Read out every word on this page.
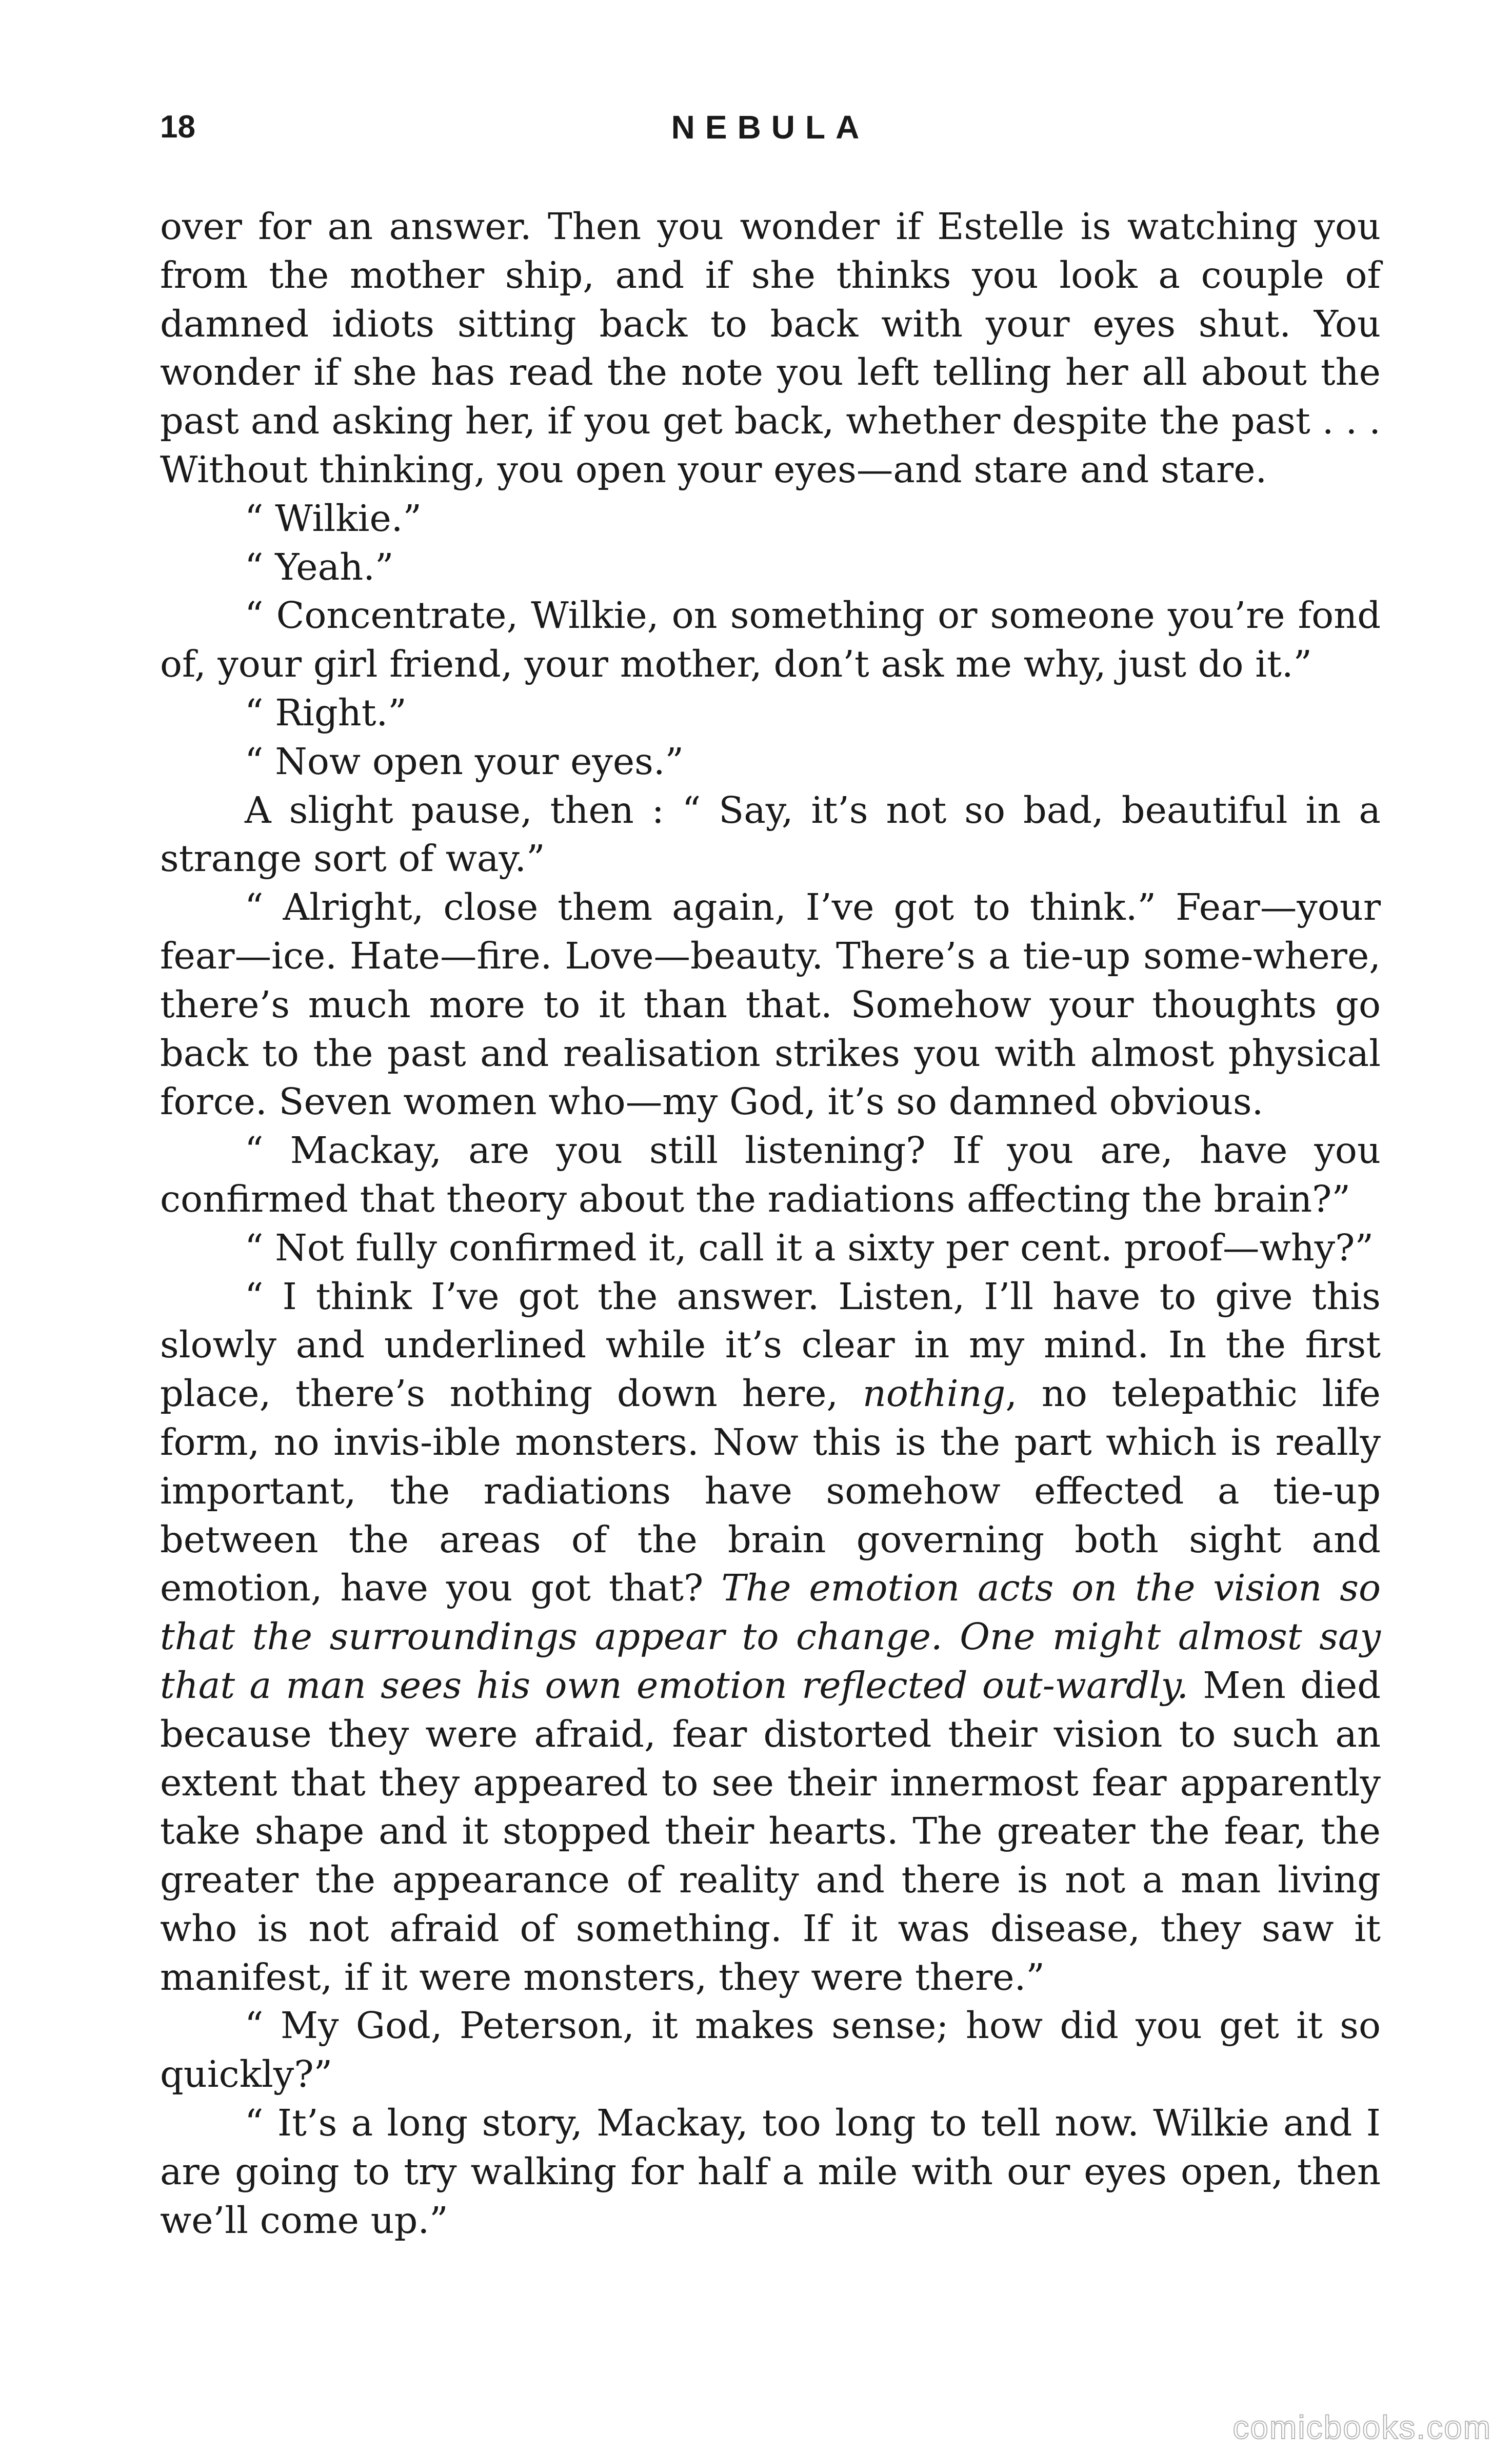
18	NEBULA

over for an answer. Then you wonder if Estelle is watching you from the mother ship, and if she thinks you look a couple of damned idiots sitting back to back with your eyes shut. You wonder if she has read the note you left telling her all about the past and asking her, if you get back, whether despite the past . . . Without thinking, you open your eyes—and stare and stare.

“ Wilkie.”

“ Yeah.”

“ Concentrate, Wilkie, on something or someone you’re fond of, your girl friend, your mother, don’t ask me why, just do it.”

“ Right.”

“ Now open your eyes.”

A slight pause, then : “ Say, it’s not so bad, beautiful in a strange sort of way.”

“ Alright, close them again, I’ve got to think.” Fear—your fear—ice. Hate—fire. Love—beauty. There’s a tie-up some-where, there’s much more to it than that. Somehow your thoughts go back to the past and realisation strikes you with almost physical force. Seven women who—my God, it’s so damned obvious.

“ Mackay, are you still listening? If you are, have you confirmed that theory about the radiations affecting the brain?”

“ Not fully confirmed it, call it a sixty per cent. proof—why?”

“ I think I’ve got the answer. Listen, I’ll have to give this slowly and underlined while it’s clear in my mind. In the first place, there’s nothing down here, nothing, no telepathic life form, no invis-ible monsters. Now this is the part which is really important, the radiations have somehow effected a tie-up between the areas of the brain governing both sight and emotion, have you got that? The emotion acts on the vision so that the surroundings appear to change. One might almost say that a man sees his own emotion reflected out-wardly. Men died because they were afraid, fear distorted their vision to such an extent that they appeared to see their innermost fear apparently take shape and it stopped their hearts. The greater the fear, the greater the appearance of reality and there is not a man living who is not afraid of something. If it was disease, they saw it manifest, if it were monsters, they were there.”

“ My God, Peterson, it makes sense; how did you get it so quickly?”

“ It’s a long story, Mackay, too long to tell now. Wilkie and I are going to try walking for half a mile with our eyes open, then we’ll come up.”

comicbooks.com
